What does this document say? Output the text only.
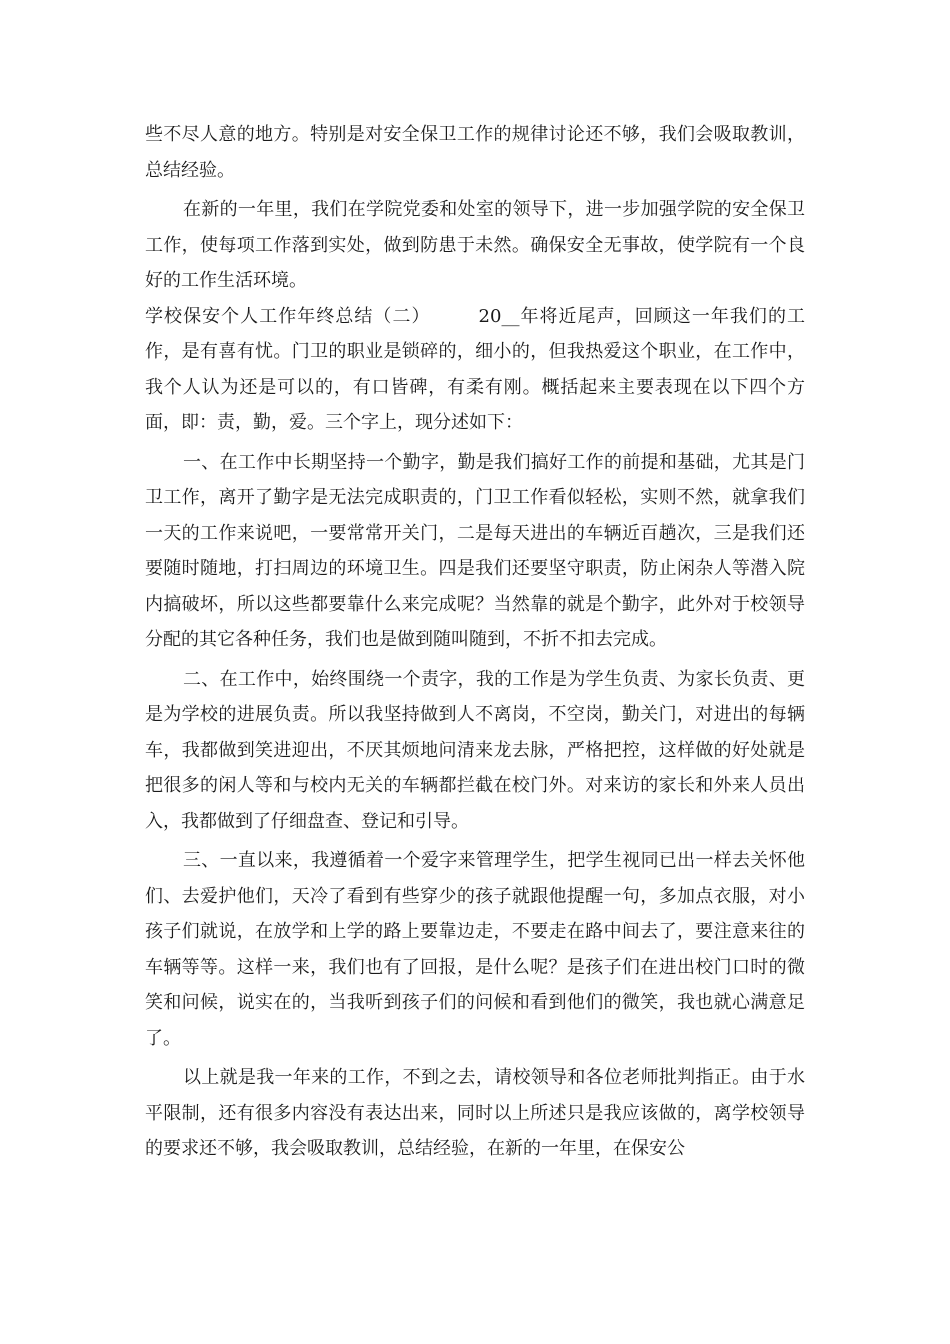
些不尽人意的地方。特别是对安全保卫工作的规律讨论还不够，我们会吸取教训，总结经验。

在新的一年里，我们在学院党委和处室的领导下，进一步加强学院的安全保卫工作，使每项工作落到实处，做到防患于未然。确保安全无事故，使学院有一个良好的工作生活环境。

学校保安个人工作年终总结（二）	20__年将近尾声，回顾这一年我们的工作，是有喜有忧。门卫的职业是锁碎的，细小的，但我热爱这个职业，在工作中，我个人认为还是可以的，有口皆碑，有柔有刚。概括起来主要表现在以下四个方面，即：责，勤，爱。三个字上，现分述如下：

一、在工作中长期坚持一个勤字，勤是我们搞好工作的前提和基础，尤其是门卫工作，离开了勤字是无法完成职责的，门卫工作看似轻松，实则不然，就拿我们一天的工作来说吧，一要常常开关门，二是每天进出的车辆近百趟次，三是我们还要随时随地，打扫周边的环境卫生。四是我们还要坚守职责，防止闲杂人等潜入院内搞破坏，所以这些都要靠什么来完成呢？当然靠的就是个勤字，此外对于校领导分配的其它各种任务，我们也是做到随叫随到，不折不扣去完成。

二、在工作中，始终围绕一个责字，我的工作是为学生负责、为家长负责、更是为学校的进展负责。所以我坚持做到人不离岗，不空岗，勤关门，对进出的每辆车，我都做到笑进迎出，不厌其烦地问清来龙去脉，严格把控，这样做的好处就是把很多的闲人等和与校内无关的车辆都拦截在校门外。对来访的家长和外来人员出入，我都做到了仔细盘查、登记和引导。

三、一直以来，我遵循着一个爱字来管理学生，把学生视同已出一样去关怀他们、去爱护他们，天冷了看到有些穿少的孩子就跟他提醒一句，多加点衣服，对小孩子们就说，在放学和上学的路上要靠边走，不要走在路中间去了，要注意来往的车辆等等。这样一来，我们也有了回报，是什么呢？是孩子们在进出校门口时的微笑和问候，说实在的，当我听到孩子们的问候和看到他们的微笑，我也就心满意足了。

以上就是我一年来的工作，不到之去，请校领导和各位老师批判指正。由于水平限制，还有很多内容没有表达出来，同时以上所述只是我应该做的，离学校领导的要求还不够，我会吸取教训，总结经验，在新的一年里，在保安公
